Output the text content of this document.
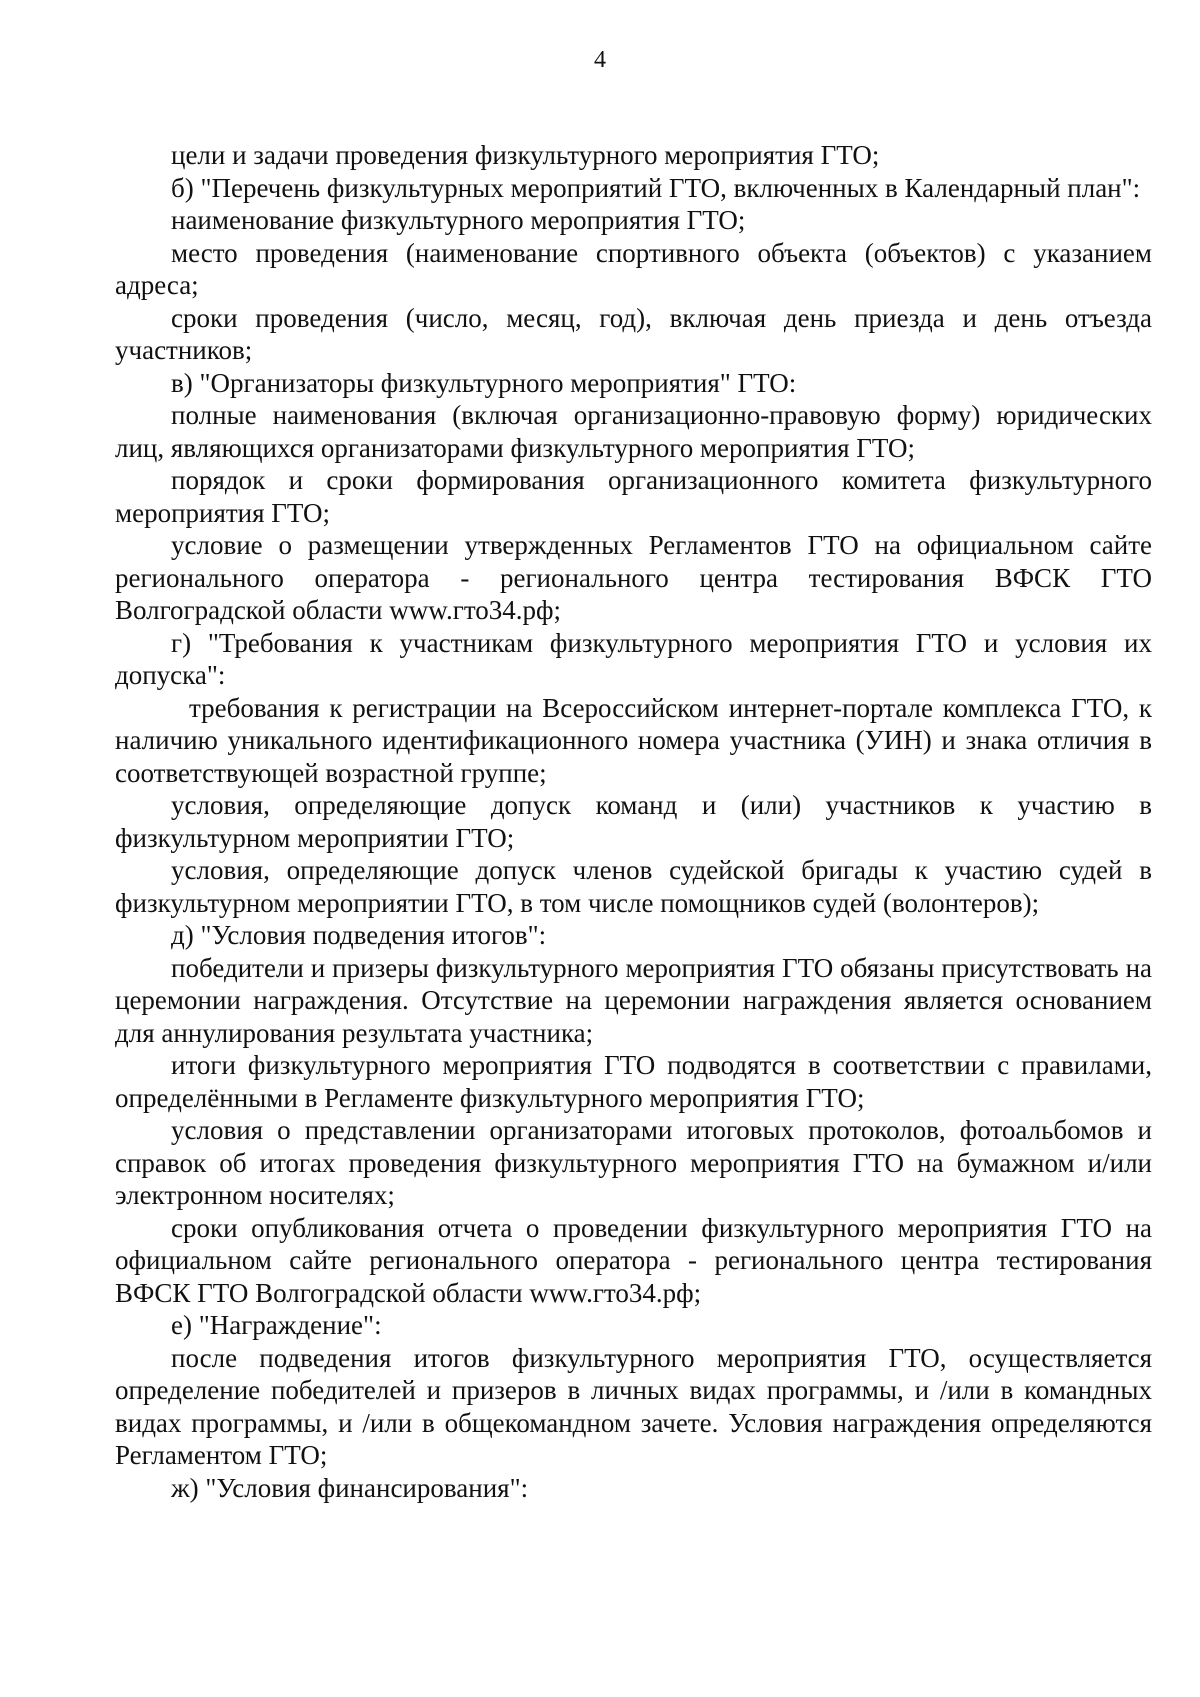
4

цели и задачи проведения физкультурного мероприятия ГТО;

б) "Перечень физкультурных мероприятий ГТО, включенных в Календарный план":

наименование физкультурного мероприятия ГТО;

место проведения (наименование спортивного объекта (объектов) с указанием адреса;

сроки проведения (число, месяц, год), включая день приезда и день отъезда участников;

в) "Организаторы физкультурного мероприятия" ГТО:

полные наименования (включая организационно-правовую форму) юридических лиц, являющихся организаторами физкультурного мероприятия ГТО;

порядок и сроки формирования организационного комитета физкультурного мероприятия ГТО;

условие о размещении утвержденных Регламентов ГТО на официальном сайте регионального оператора - регионального центра тестирования ВФСК ГТО Волгоградской области www.гто34.рф;

г) "Требования к участникам физкультурного мероприятия ГТО и условия их допуска":

требования к регистрации на Всероссийском интернет-портале комплекса ГТО, к наличию уникального идентификационного номера участника (УИН) и знака отличия в соответствующей возрастной группе;

условия, определяющие допуск команд и (или) участников к участию в физкультурном мероприятии ГТО;

условия, определяющие допуск членов судейской бригады к участию судей в физкультурном мероприятии ГТО, в том числе помощников судей (волонтеров);

д) "Условия подведения итогов":

победители и призеры физкультурного мероприятия ГТО обязаны присутствовать на церемонии награждения. Отсутствие на церемонии награждения является основанием для аннулирования результата участника;

итоги физкультурного мероприятия ГТО подводятся в соответствии с правилами, определёнными в Регламенте физкультурного мероприятия ГТО;

условия о представлении организаторами итоговых протоколов, фотоальбомов и справок об итогах проведения физкультурного мероприятия ГТО на бумажном и/или электронном носителях;

сроки опубликования отчета о проведении физкультурного мероприятия ГТО на официальном сайте регионального оператора - регионального центра тестирования ВФСК ГТО Волгоградской области www.гто34.рф;

е) "Награждение":

после подведения итогов физкультурного мероприятия ГТО, осуществляется определение победителей и призеров в личных видах программы, и /или в командных видах программы, и /или в общекомандном зачете. Условия награждения определяются Регламентом ГТО;

ж) "Условия финансирования":
